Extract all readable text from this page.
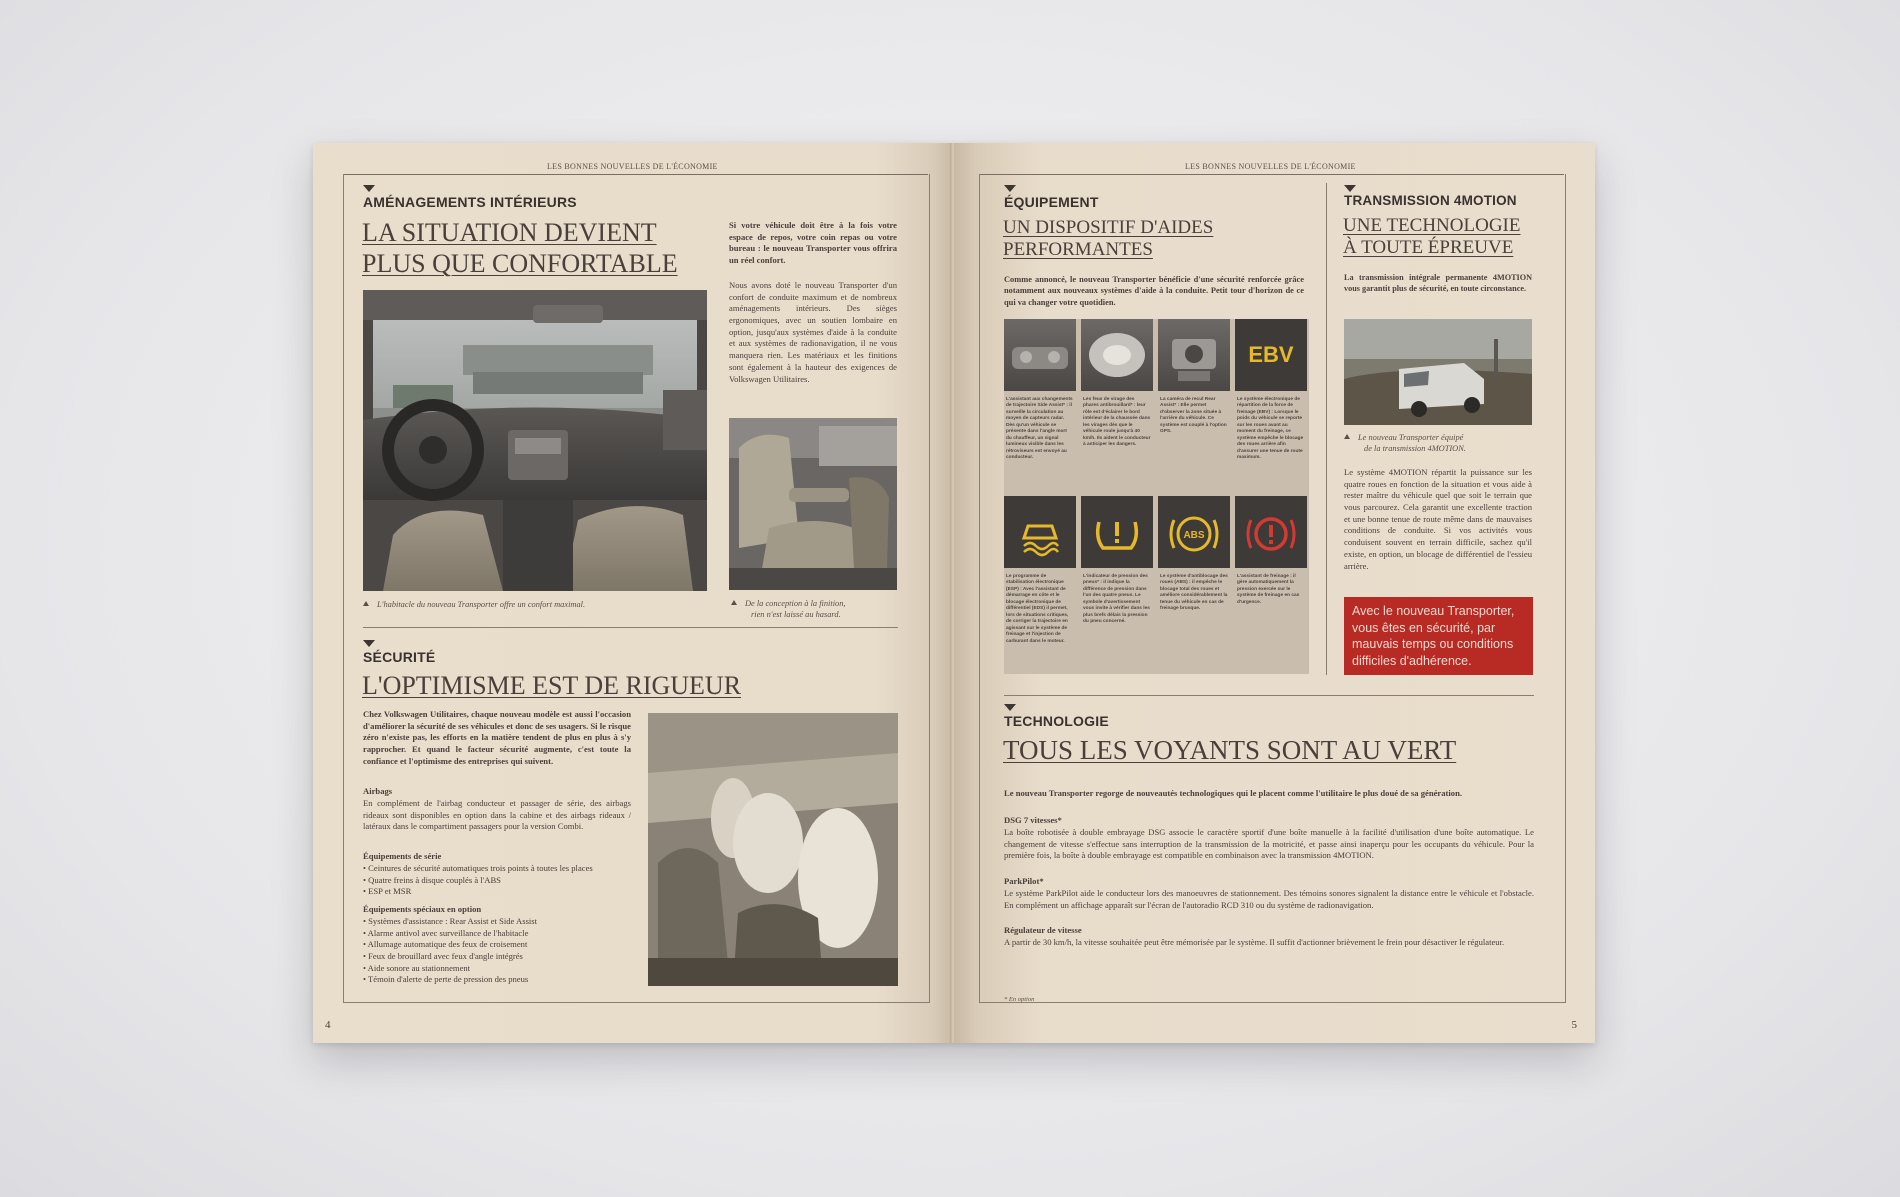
LES BONNES NOUVELLES DE L'ÉCONOMIE
AMÉNAGEMENTS INTÉRIEURS
LA SITUATION DEVIENT
PLUS QUE CONFORTABLE
Si votre véhicule doit être à la fois votre espace de repos, votre coin repas ou votre bureau : le nouveau Transporter vous offrira un réel confort.
Nous avons doté le nouveau Transporter d'un confort de conduite maximum et de nombreux aménagements intérieurs. Des sièges ergonomiques, avec un soutien lombaire en option, jusqu'aux systèmes d'aide à la conduite et aux systèmes de radionavigation, il ne vous manquera rien. Les matériaux et les finitions sont également à la hauteur des exigences de Volkswagen Utilitaires.
L'habitacle du nouveau Transporter offre un confort maximal.	De la conception à la finition,
rien n'est laissé au hasard.
SÉCURITÉ
L'OPTIMISME EST DE RIGUEUR
Chez Volkswagen Utilitaires, chaque nouveau modèle est aussi l'occasion d'améliorer la sécurité de ses véhicules et donc de ses usagers. Si le risque zéro n'existe pas, les efforts en la matière tendent de plus en plus à s'y rapprocher. Et quand le facteur sécurité augmente, c'est toute la confiance et l'optimisme des entreprises qui suivent.
Airbags
En complément de l'airbag conducteur et passager de série, des airbags rideaux sont disponibles en option dans la cabine et des airbags rideaux / latéraux dans le compartiment passagers pour la version Combi.
Équipements de série
• Ceintures de sécurité automatiques trois points à toutes les places
• Quatre freins à disque couplés à l'ABS
• ESP et MSR
Équipements spéciaux en option
• Systèmes d'assistance : Rear Assist et Side Assist
• Alarme antivol avec surveillance de l'habitacle
• Allumage automatique des feux de croisement
• Feux de brouillard avec feux d'angle intégrés
• Aide sonore au stationnement
• Témoin d'alerte de perte de pression des pneus
4
LES BONNES NOUVELLES DE L'ÉCONOMIE
ÉQUIPEMENT
UN DISPOSITIF D'AIDES
PERFORMANTES
Comme annoncé, le nouveau Transporter bénéficie d'une sécurité renforcée grâce notamment aux nouveaux systèmes d'aide à la conduite. Petit tour d'horizon de ce qui va changer votre quotidien.
EBV
L'assistant aux changements de trajectoire Side Assist* : il surveille la circulation au moyen de capteurs radar. Dès qu'un véhicule se présente dans l'angle mort du chauffeur, un signal lumineux visible dans les rétroviseurs est envoyé au conducteur.
Les feux de virage des phares antibrouillard* : leur rôle est d'éclairer le bord intérieur de la chaussée dans les virages dès que le véhicule roule jusqu'à 40 km/h. Ils aident le conducteur à anticiper les dangers.
La caméra de recul Rear Assist* : Elle permet d'observer la zone située à l'arrière du véhicule. Ce système est couplé à l'option GPS.
Le système électronique de répartition de la force de freinage (EBV) : Lorsque le poids du véhicule se reporte sur les roues avant au moment du freinage, ce système empêche le blocage des roues arrière afin d'assurer une tenue de route maximum.
ABS
Le programme de stabilisation électronique (ESP) : Avec l'assistant de démarrage en côte et le blocage électronique de différentiel (EDS) il permet, lors de situations critiques, de corriger la trajectoire en agissant sur le système de freinage et l'injection de carburant dans le moteur.
L'indicateur de pression des pneus* : il indique la différence de pression dans l'un des quatre pneus. Le symbole d'avertissement vous invite à vérifier dans les plus brefs délais la pression du pneu concerné.
Le système d'antiblocage des roues (ABS) : il empêche le blocage total des roues et améliore considérablement la tenue du véhicule en cas de freinage brusque.
L'assistant de freinage : il gère automatiquement la pression exercée sur le système de freinage en cas d'urgence.
TRANSMISSION 4MOTION
UNE TECHNOLOGIE
À TOUTE ÉPREUVE
La transmission intégrale permanente 4MOTION vous garantit plus de sécurité, en toute circonstance.
Le nouveau Transporter équipé
de la transmission 4MOTION.
Le système 4MOTION répartit la puissance sur les quatre roues en fonction de la situation et vous aide à rester maître du véhicule quel que soit le terrain que vous parcourez. Cela garantit une excellente traction et une bonne tenue de route même dans de mauvaises conditions de conduite. Si vos activités vous conduisent souvent en terrain difficile, sachez qu'il existe, en option, un blocage de différentiel de l'essieu arrière.
Avec le nouveau Transporter, vous êtes en sécurité, par mauvais temps ou conditions difficiles d'adhérence.
TECHNOLOGIE
TOUS LES VOYANTS SONT AU VERT
Le nouveau Transporter regorge de nouveautés technologiques qui le placent comme l'utilitaire le plus doué de sa génération.
DSG 7 vitesses*
La boîte robotisée à double embrayage DSG associe le caractère sportif d'une boîte manuelle à la facilité d'utilisation d'une boîte automatique. Le changement de vitesse s'effectue sans interruption de la transmission de la motricité, et passe ainsi inaperçu pour les occupants du véhicule. Pour la première fois, la boîte à double embrayage est compatible en combinaison avec la transmission 4MOTION.
ParkPilot*
Le système ParkPilot aide le conducteur lors des manoeuvres de stationnement. Des témoins sonores signalent la distance entre le véhicule et l'obstacle. En complément un affichage apparaît sur l'écran de l'autoradio RCD 310 ou du système de radionavigation.
Régulateur de vitesse
A partir de 30 km/h, la vitesse souhaitée peut être mémorisée par le système. Il suffit d'actionner brièvement le frein pour désactiver le régulateur.
* En option
5
